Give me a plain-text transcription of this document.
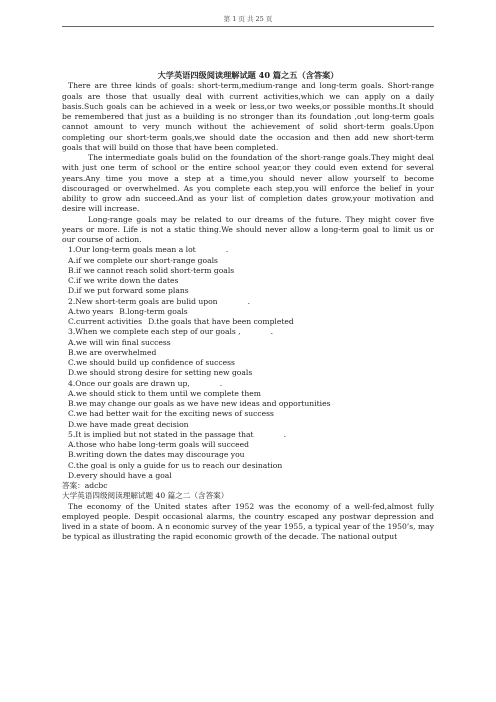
第 1 页 共 25 页
大学英语四级阅读理解试题 40 篇之五（含答案）

There are three kinds of goals: short-term,medium-range and long-term goals. Short-range goals are those that usually deal with current activities,which we can apply on a daily basis.Such goals can be achieved in a week or less,or two weeks,or possible months.It should be remembered that just as a building is no stronger than its foundation ,out long-term goals cannot amount to very munch without the achievement of solid short-term goals.Upon completing our short-term goals,we should date the occasion and then add new short-term goals that will build on those that have been completed.

The intermediate goals bulid on the foundation of the short-range goals.They might deal with just one term of school or the entire school year,or they could even extend for several years.Any time you move a step at a time,you should never allow yourself to become discouraged or overwhelmed. As you complete each step,you will enforce the belief in your ability to grow adn succeed.And as your list of completion dates grow,your motivation and desire will increase.

Long-range goals may be related to our dreams of the future. They might cover five years or more. Life is not a static thing.We should never allow a long-term goal to limit us or our course of action.

1.Our long-term goals mean a lot	.

A.if we complete our short-range goals

B.if we cannot reach solid short-term goals

C.if we write down the dates

D.if we put forward some plans

2.New short-term goals are bulid upon	.

A.two years B.long-term goals

C.current activities D.the goals that have been completed

3.When we complete each step of our goals ,	.

A.we will win final success

B.we are overwhelmed

C.we should build up confidence of success

D.we should strong desire for setting new goals

4.Once our goals are drawn up,	.

A.we should stick to them until we complete them

B.we may change our goals as we have new ideas and opportunities

C.we had better wait for the exciting news of success

D.we have made great decision

5.It is implied but not stated in the passage that	.

A.those who habe long-term goals will succeed

B.writing down the dates may discourage you

C.the goal is only a guide for us to reach our desination

D.every should have a goal

答案：adcbc

大学英语四级阅读理解试题 40 篇之二（含答案）

The economy of the United states after 1952 was the economy of a well-fed,almost fully employed people. Despit occasional alarms, the country escaped any postwar depression and lived in a state of boom. A n economic survey of the year 1955, a typical year of the 1950’s, may be typical as illustrating the rapid economic growth of the decade. The national output
